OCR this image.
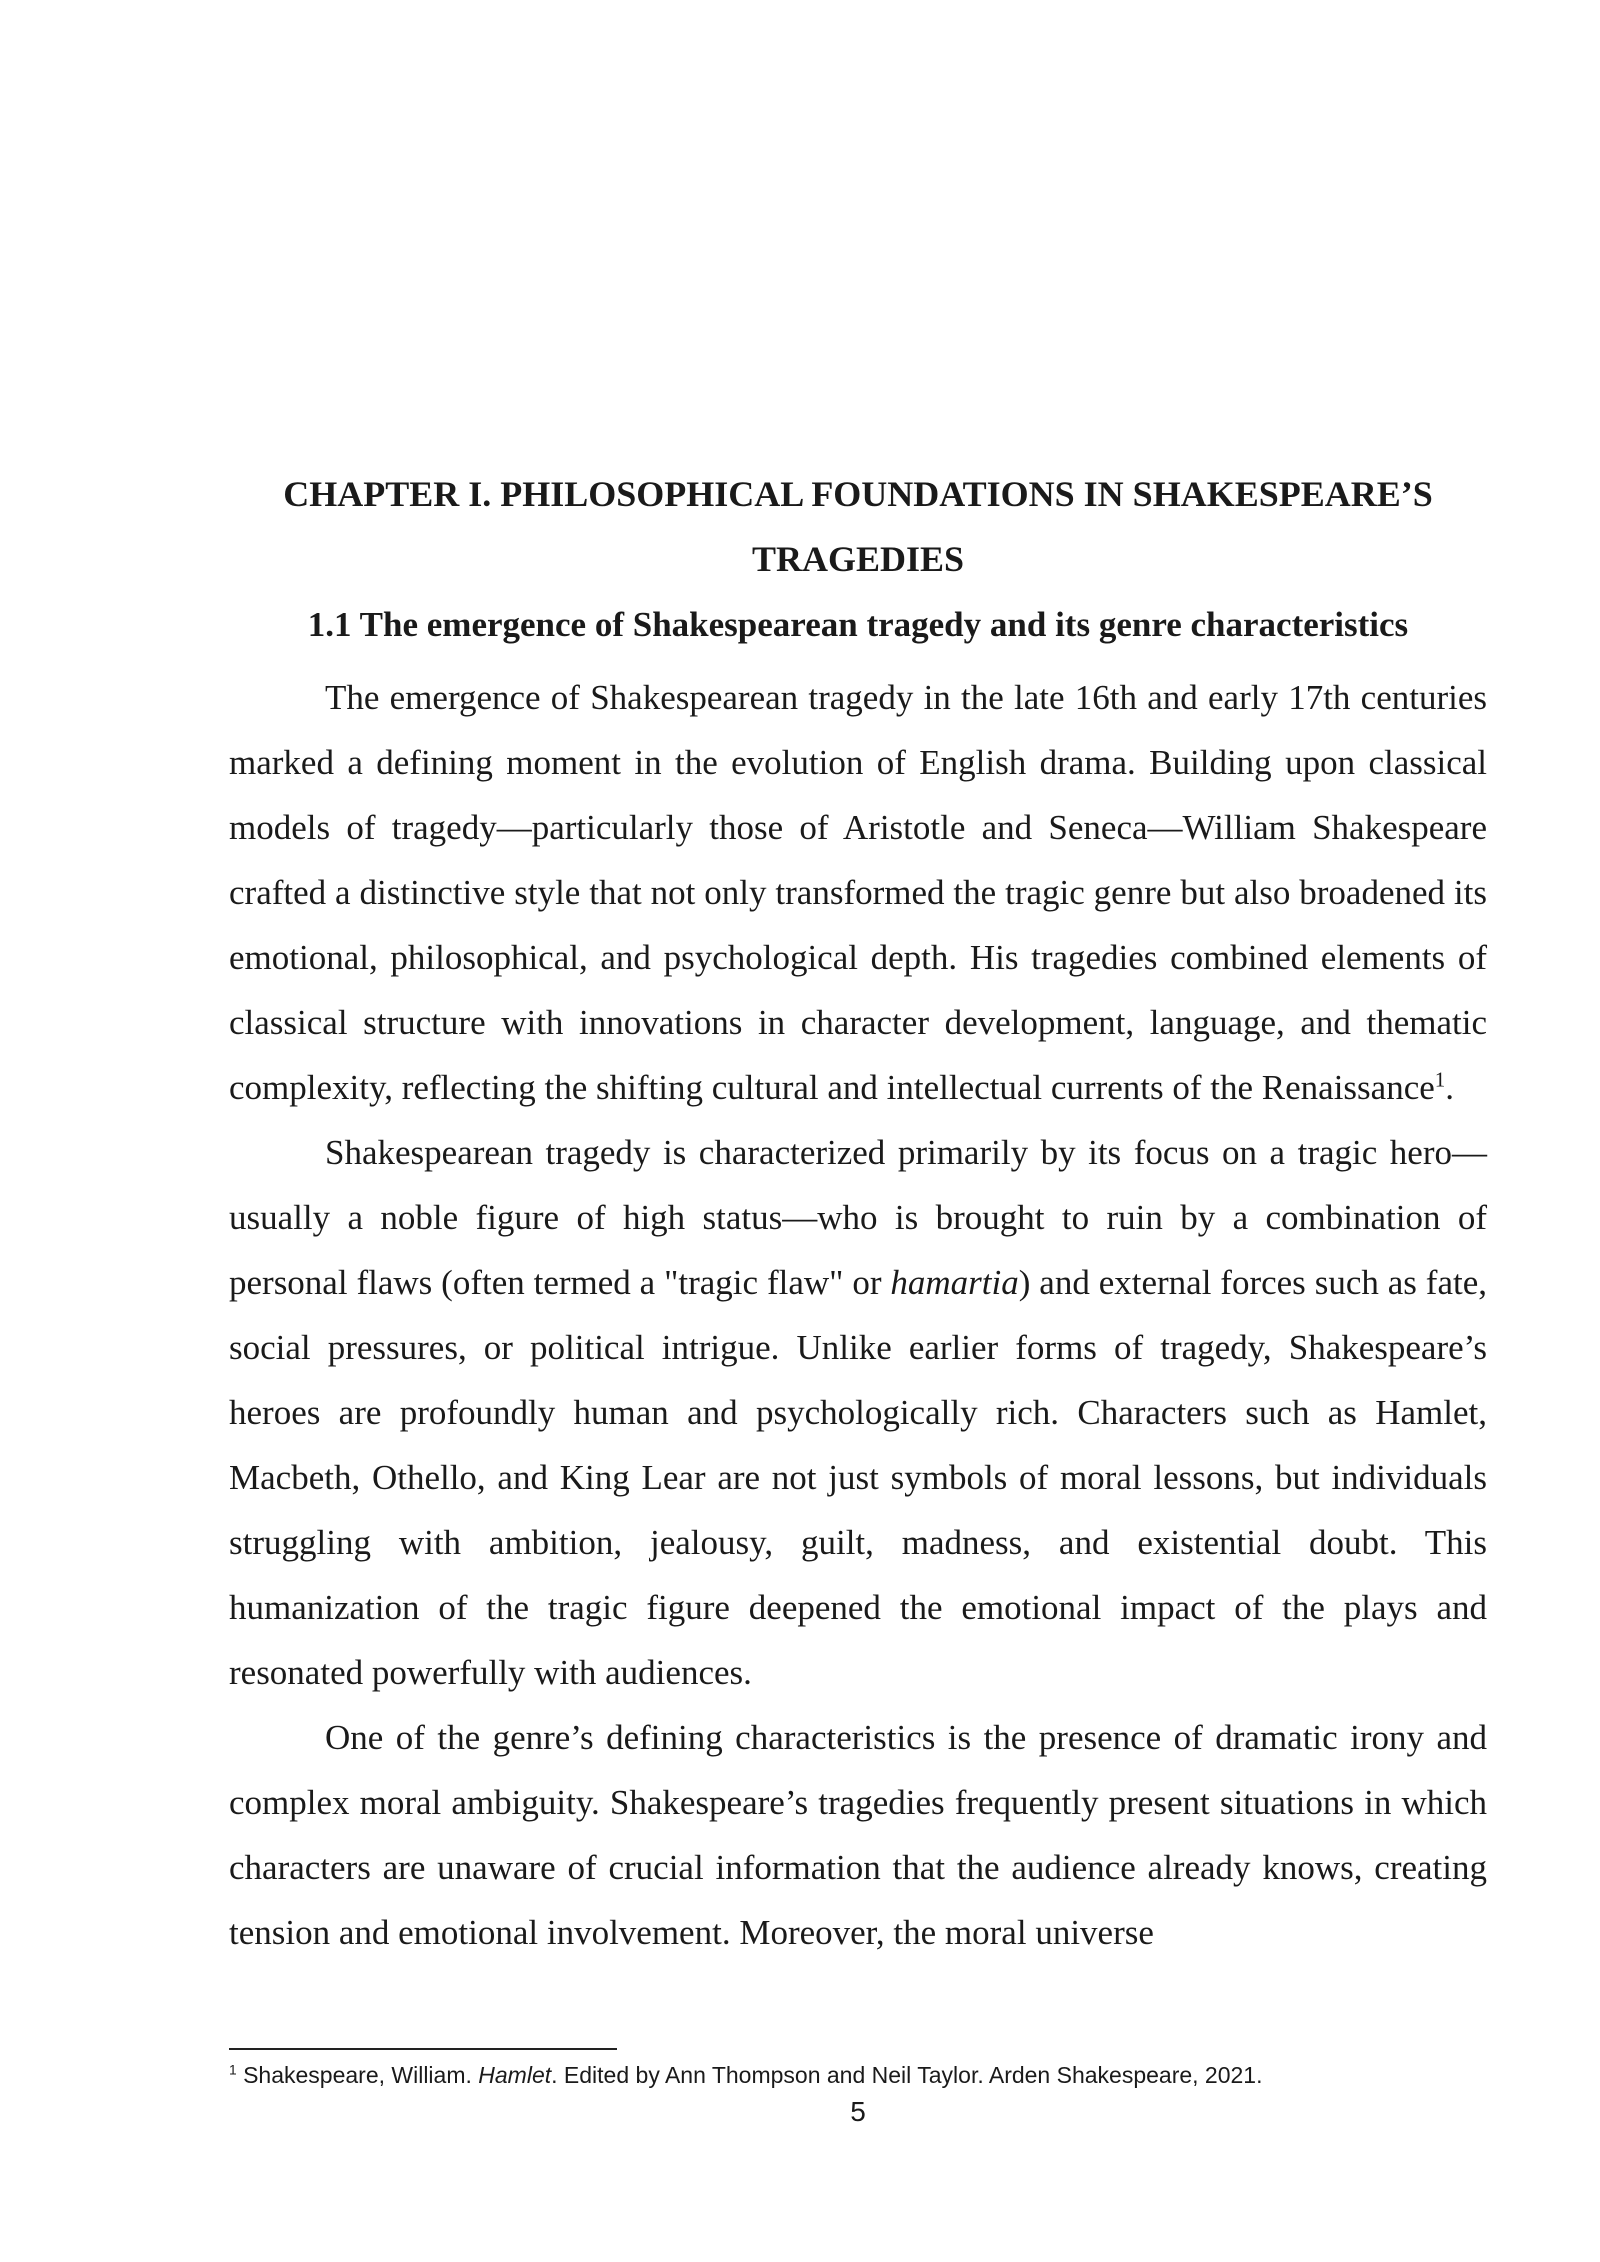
CHAPTER I. PHILOSOPHICAL FOUNDATIONS IN SHAKESPEARE’S
TRAGEDIES
1.1 The emergence of Shakespearean tragedy and its genre characteristics

The emergence of Shakespearean tragedy in the late 16th and early 17th centuries marked a defining moment in the evolution of English drama. Building upon classical models of tragedy—particularly those of Aristotle and Seneca—William Shakespeare crafted a distinctive style that not only transformed the tragic genre but also broadened its emotional, philosophical, and psychological depth. His tragedies combined elements of classical structure with innovations in character development, language, and thematic complexity, reflecting the shifting cultural and intellectual currents of the Renaissance$^1$.

Shakespearean tragedy is characterized primarily by its focus on a tragic hero—usually a noble figure of high status—who is brought to ruin by a combination of personal flaws (often termed a "tragic flaw" or hamartia) and external forces such as fate, social pressures, or political intrigue. Unlike earlier forms of tragedy, Shakespeare’s heroes are profoundly human and psychologically rich. Characters such as Hamlet, Macbeth, Othello, and King Lear are not just symbols of moral lessons, but individuals struggling with ambition, jealousy, guilt, madness, and existential doubt. This humanization of the tragic figure deepened the emotional impact of the plays and resonated powerfully with audiences.

One of the genre’s defining characteristics is the presence of dramatic irony and complex moral ambiguity. Shakespeare’s tragedies frequently present situations in which characters are unaware of crucial information that the audience already knows, creating tension and emotional involvement. Moreover, the moral universe

$^1$ Shakespeare, William. Hamlet. Edited by Ann Thompson and Neil Taylor. Arden Shakespeare, 2021.
5
